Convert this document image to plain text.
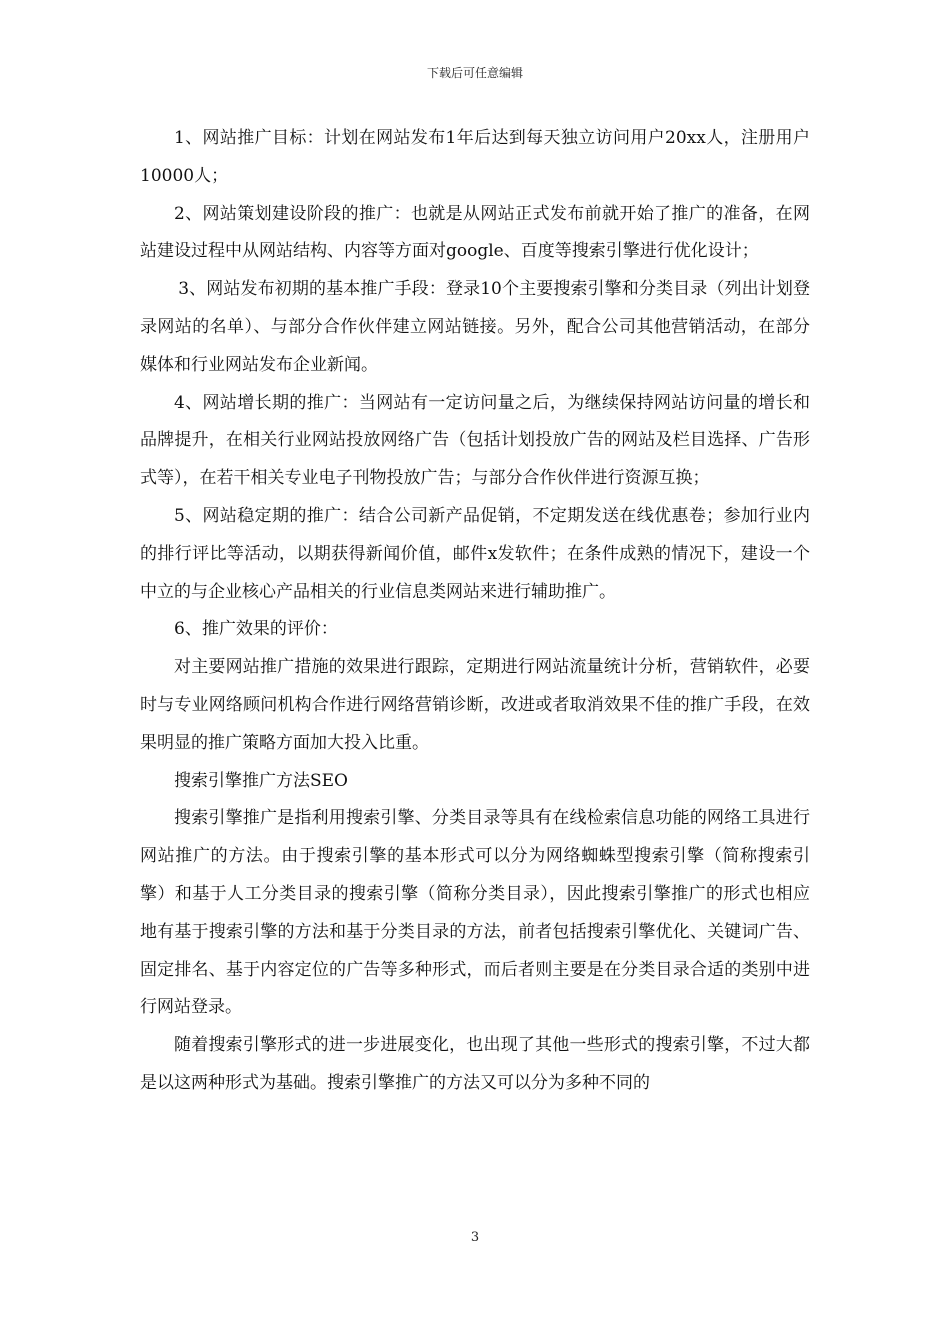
下载后可任意编辑

1、网站推广目标：计划在网站发布1年后达到每天独立访问用户20xx人，注册用户10000人；

2、网站策划建设阶段的推广：也就是从网站正式发布前就开始了推广的准备，在网站建设过程中从网站结构、内容等方面对google、百度等搜索引擎进行优化设计；

3、网站发布初期的基本推广手段：登录10个主要搜索引擎和分类目录（列出计划登录网站的名单）、与部分合作伙伴建立网站链接。另外，配合公司其他营销活动，在部分媒体和行业网站发布企业新闻。

4、网站增长期的推广：当网站有一定访问量之后，为继续保持网站访问量的增长和品牌提升，在相关行业网站投放网络广告（包括计划投放广告的网站及栏目选择、广告形式等），在若干相关专业电子刊物投放广告；与部分合作伙伴进行资源互换；

5、网站稳定期的推广：结合公司新产品促销，不定期发送在线优惠卷；参加行业内的排行评比等活动，以期获得新闻价值，邮件x发软件；在条件成熟的情况下，建设一个中立的与企业核心产品相关的行业信息类网站来进行辅助推广。

6、推广效果的评价：

对主要网站推广措施的效果进行跟踪，定期进行网站流量统计分析，营销软件，必要时与专业网络顾问机构合作进行网络营销诊断，改进或者取消效果不佳的推广手段，在效果明显的推广策略方面加大投入比重。

搜索引擎推广方法SEO

搜索引擎推广是指利用搜索引擎、分类目录等具有在线检索信息功能的网络工具进行网站推广的方法。由于搜索引擎的基本形式可以分为网络蜘蛛型搜索引擎（简称搜索引擎）和基于人工分类目录的搜索引擎（简称分类目录），因此搜索引擎推广的形式也相应地有基于搜索引擎的方法和基于分类目录的方法，前者包括搜索引擎优化、关键词广告、固定排名、基于内容定位的广告等多种形式，而后者则主要是在分类目录合适的类别中进行网站登录。

随着搜索引擎形式的进一步进展变化，也出现了其他一些形式的搜索引擎，不过大都是以这两种形式为基础。搜索引擎推广的方法又可以分为多种不同的

3
